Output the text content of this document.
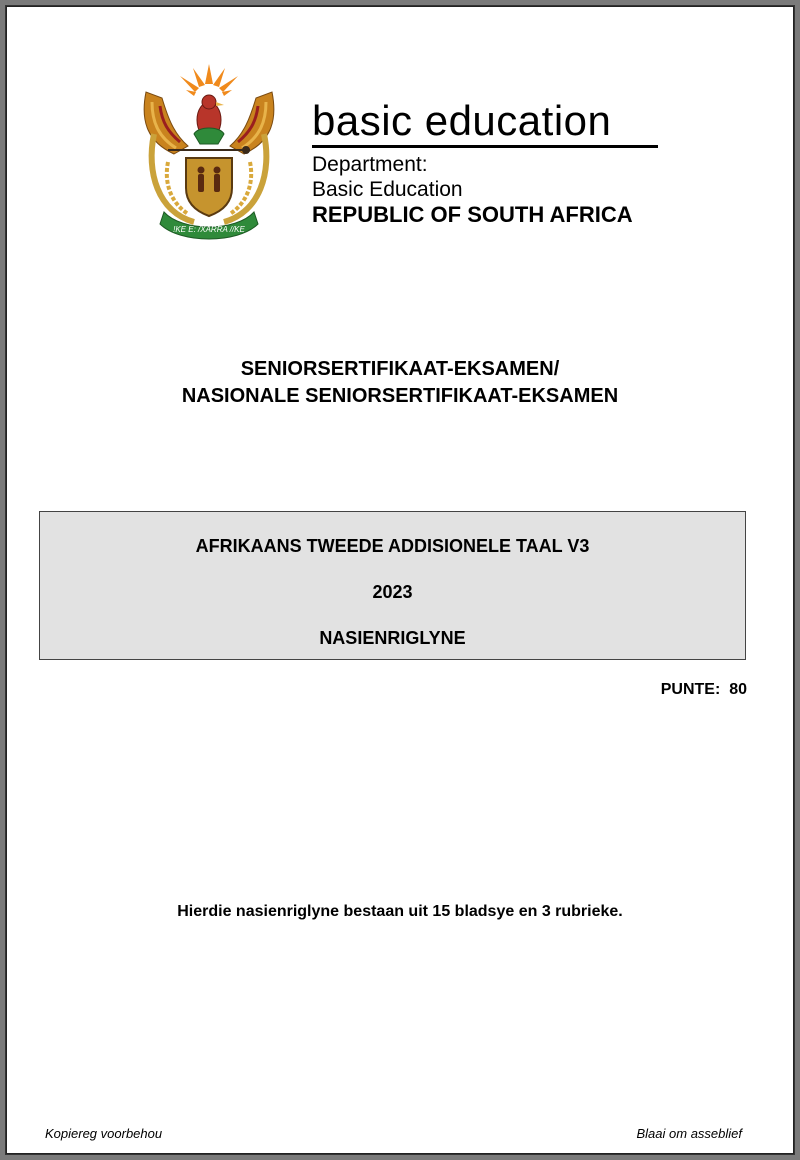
!KE E: /XARRA //KE
basic education
Department:
Basic Education
REPUBLIC OF SOUTH AFRICA
SENIORSERTIFIKAAT-EKSAMEN/
NASIONALE SENIORSERTIFIKAAT-EKSAMEN
AFRIKAANS TWEEDE ADDISIONELE TAAL V3
2023
NASIENRIGLYNE
PUNTE: 80
Hierdie nasienriglyne bestaan uit 15 bladsye en 3 rubrieke.
Kopiereg voorbehou	Blaai om asseblief
